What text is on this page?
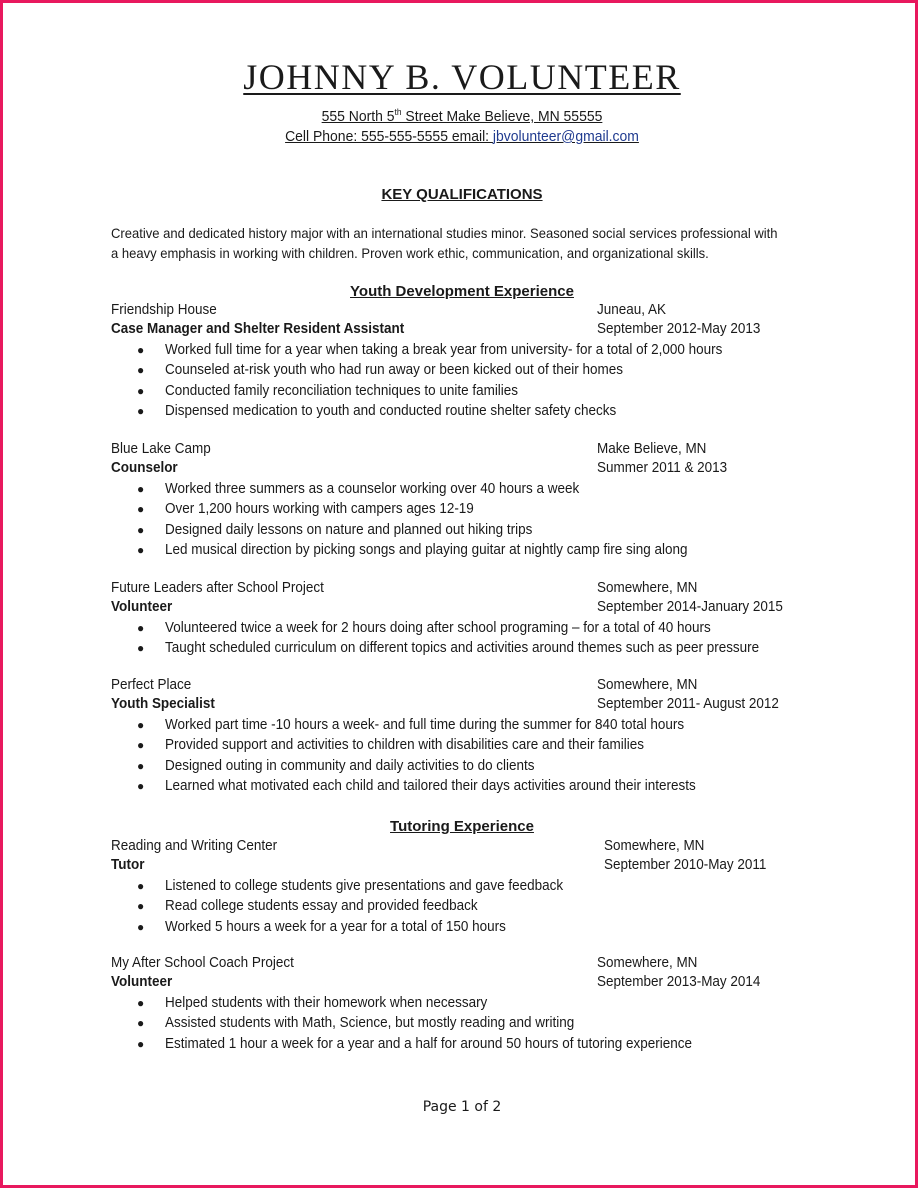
JOHNNY B. VOLUNTEER
555 North 5th Street Make Believe, MN 55555
Cell Phone: 555-555-5555 email: jbvolunteer@gmail.com
KEY QUALIFICATIONS
Creative and dedicated history major with an international studies minor. Seasoned social services professional with
a heavy emphasis in working with children. Proven work ethic, communication, and organizational skills.
Youth Development Experience
Friendship House	Juneau, AK
Case Manager and Shelter Resident Assistant	September 2012-May 2013
● Worked full time for a year when taking a break year from university- for a total of 2,000 hours
● Counseled at-risk youth who had run away or been kicked out of their homes
● Conducted family reconciliation techniques to unite families
● Dispensed medication to youth and conducted routine shelter safety checks
Blue Lake Camp	Make Believe, MN
Counselor	Summer 2011 & 2013
● Worked three summers as a counselor working over 40 hours a week
● Over 1,200 hours working with campers ages 12-19
● Designed daily lessons on nature and planned out hiking trips
● Led musical direction by picking songs and playing guitar at nightly camp fire sing along
Future Leaders after School Project	Somewhere, MN
Volunteer	September 2014-January 2015
● Volunteered twice a week for 2 hours doing after school programing – for a total of 40 hours
● Taught scheduled curriculum on different topics and activities around themes such as peer pressure
Perfect Place	Somewhere, MN
Youth Specialist	September 2011- August 2012
● Worked part time -10 hours a week- and full time during the summer for 840 total hours
● Provided support and activities to children with disabilities care and their families
● Designed outing in community and daily activities to do clients
● Learned what motivated each child and tailored their days activities around their interests
Tutoring Experience
Reading and Writing Center	Somewhere, MN
Tutor	September 2010-May 2011
● Listened to college students give presentations and gave feedback
● Read college students essay and provided feedback
● Worked 5 hours a week for a year for a total of 150 hours
My After School Coach Project	Somewhere, MN
Volunteer	September 2013-May 2014
● Helped students with their homework when necessary
● Assisted students with Math, Science, but mostly reading and writing
● Estimated 1 hour a week for a year and a half for around 50 hours of tutoring experience
Page 1 of 2
